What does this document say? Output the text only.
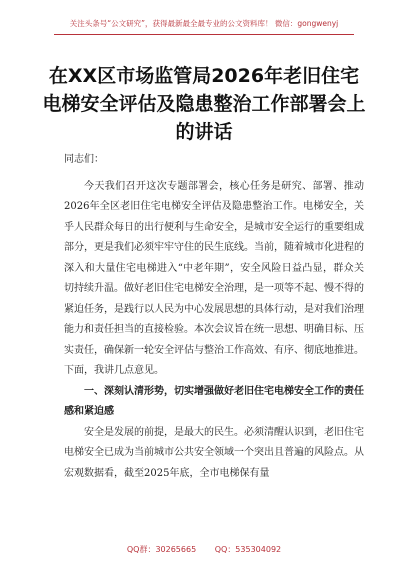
关注头条号“公文研究”，获得最新最全最专业的公文资料库！ 微信：gongwenyj
在XX区市场监管局2026年老旧住宅电梯安全评估及隐患整治工作部署会上的讲话

同志们：

今天我们召开这次专题部署会，核心任务是研究、部署、推动2026年全区老旧住宅电梯安全评估及隐患整治工作。电梯安全，关乎人民群众每日的出行便利与生命安全，是城市安全运行的重要组成部分，更是我们必须牢牢守住的民生底线。当前，随着城市化进程的深入和大量住宅电梯进入“中老年期”，安全风险日益凸显，群众关切持续升温。做好老旧住宅电梯安全治理，是一项等不起、慢不得的紧迫任务，是践行以人民为中心发展思想的具体行动，是对我们治理能力和责任担当的直接检验。本次会议旨在统一思想、明确目标、压实责任，确保新一轮安全评估与整治工作高效、有序、彻底地推进。下面，我讲几点意见。

一、深刻认清形势，切实增强做好老旧住宅电梯安全工作的责任感和紧迫感

安全是发展的前提，是最大的民生。必须清醒认识到，老旧住宅电梯安全已成为当前城市公共安全领域一个突出且普遍的风险点。从宏观数据看，截至2025年底，全市电梯保有量

QQ群：30265665 QQ：535304092
